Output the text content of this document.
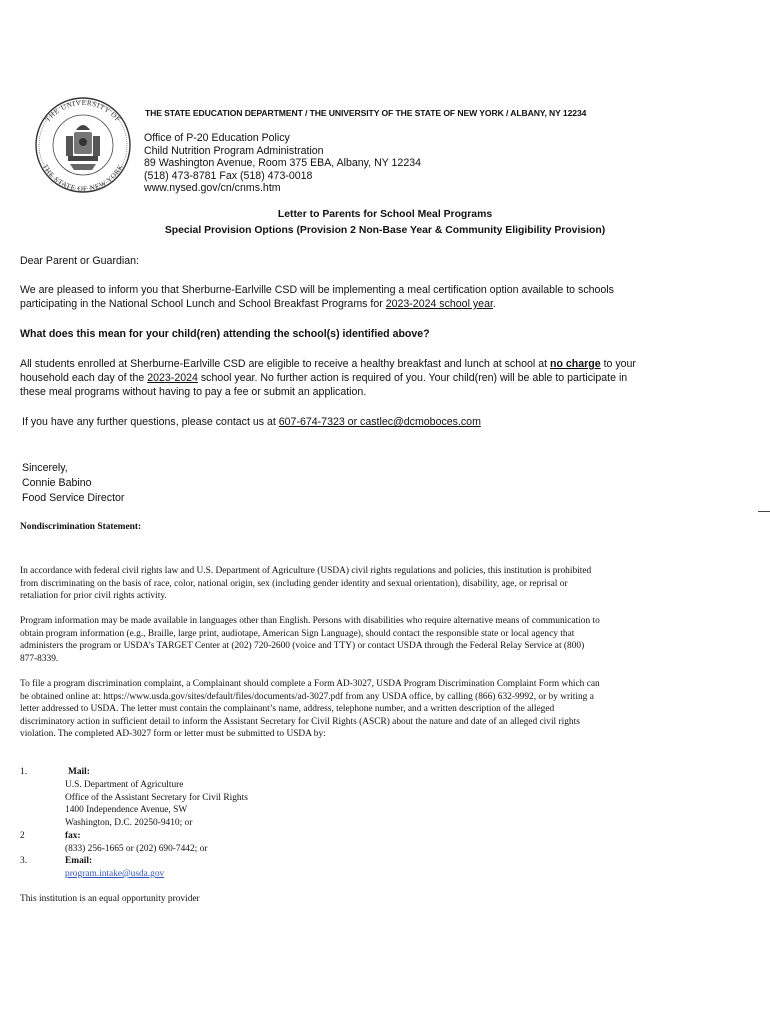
THE UNIVERSITY OF
THE STATE OF NEW YORK
THE STATE EDUCATION DEPARTMENT / THE UNIVERSITY OF THE STATE OF NEW YORK / ALBANY, NY 12234
Office of P-20 Education Policy
Child Nutrition Program Administration
89 Washington Avenue, Room 375 EBA, Albany, NY 12234
(518) 473-8781 Fax (518) 473-0018
www.nysed.gov/cn/cnms.htm
Letter to Parents for School Meal Programs
Special Provision Options (Provision 2 Non-Base Year & Community Eligibility Provision)
Dear Parent or Guardian:
We are pleased to inform you that Sherburne-Earlville CSD will be implementing a meal certification option available to schools
participating in the National School Lunch and School Breakfast Programs for 2023-2024 school year.
What does this mean for your child(ren) attending the school(s) identified above?
All students enrolled at Sherburne-Earlville CSD are eligible to receive a healthy breakfast and lunch at school at no charge to your
household each day of the 2023-2024 school year. No further action is required of you. Your child(ren) will be able to participate in
these meal programs without having to pay a fee or submit an application.
If you have any further questions, please contact us at 607-674-7323 or castlec@dcmoboces.com
Sincerely,
Connie Babino
Food Service Director
Nondiscrimination Statement:
In accordance with federal civil rights law and U.S. Department of Agriculture (USDA) civil rights regulations and policies, this institution is prohibited
from discriminating on the basis of race, color, national origin, sex (including gender identity and sexual orientation), disability, age, or reprisal or
retaliation for prior civil rights activity.
Program information may be made available in languages other than English. Persons with disabilities who require alternative means of communication to
obtain program information (e.g., Braille, large print, audiotape, American Sign Language), should contact the responsible state or local agency that
administers the program or USDA’s TARGET Center at (202) 720-2600 (voice and TTY) or contact USDA through the Federal Relay Service at (800)
877-8339.
To file a program discrimination complaint, a Complainant should complete a Form AD-3027, USDA Program Discrimination Complaint Form which can
be obtained online at: https://www.usda.gov/sites/default/files/documents/ad-3027.pdf from any USDA office, by calling (866) 632-9992, or by writing a
letter addressed to USDA. The letter must contain the complainant’s name, address, telephone number, and a written description of the alleged
discriminatory action in sufficient detail to inform the Assistant Secretary for Civil Rights (ASCR) about the nature and date of an alleged civil rights
violation. The completed AD-3027 form or letter must be submitted to USDA by:
1.	Mail:
U.S. Department of Agriculture
Office of the Assistant Secretary for Civil Rights
1400 Independence Avenue, SW
Washington, D.C. 20250-9410; or
2	fax:
(833) 256-1665 or (202) 690-7442; or
3.	Email:
program.intake@usda.gov
This institution is an equal opportunity provider
